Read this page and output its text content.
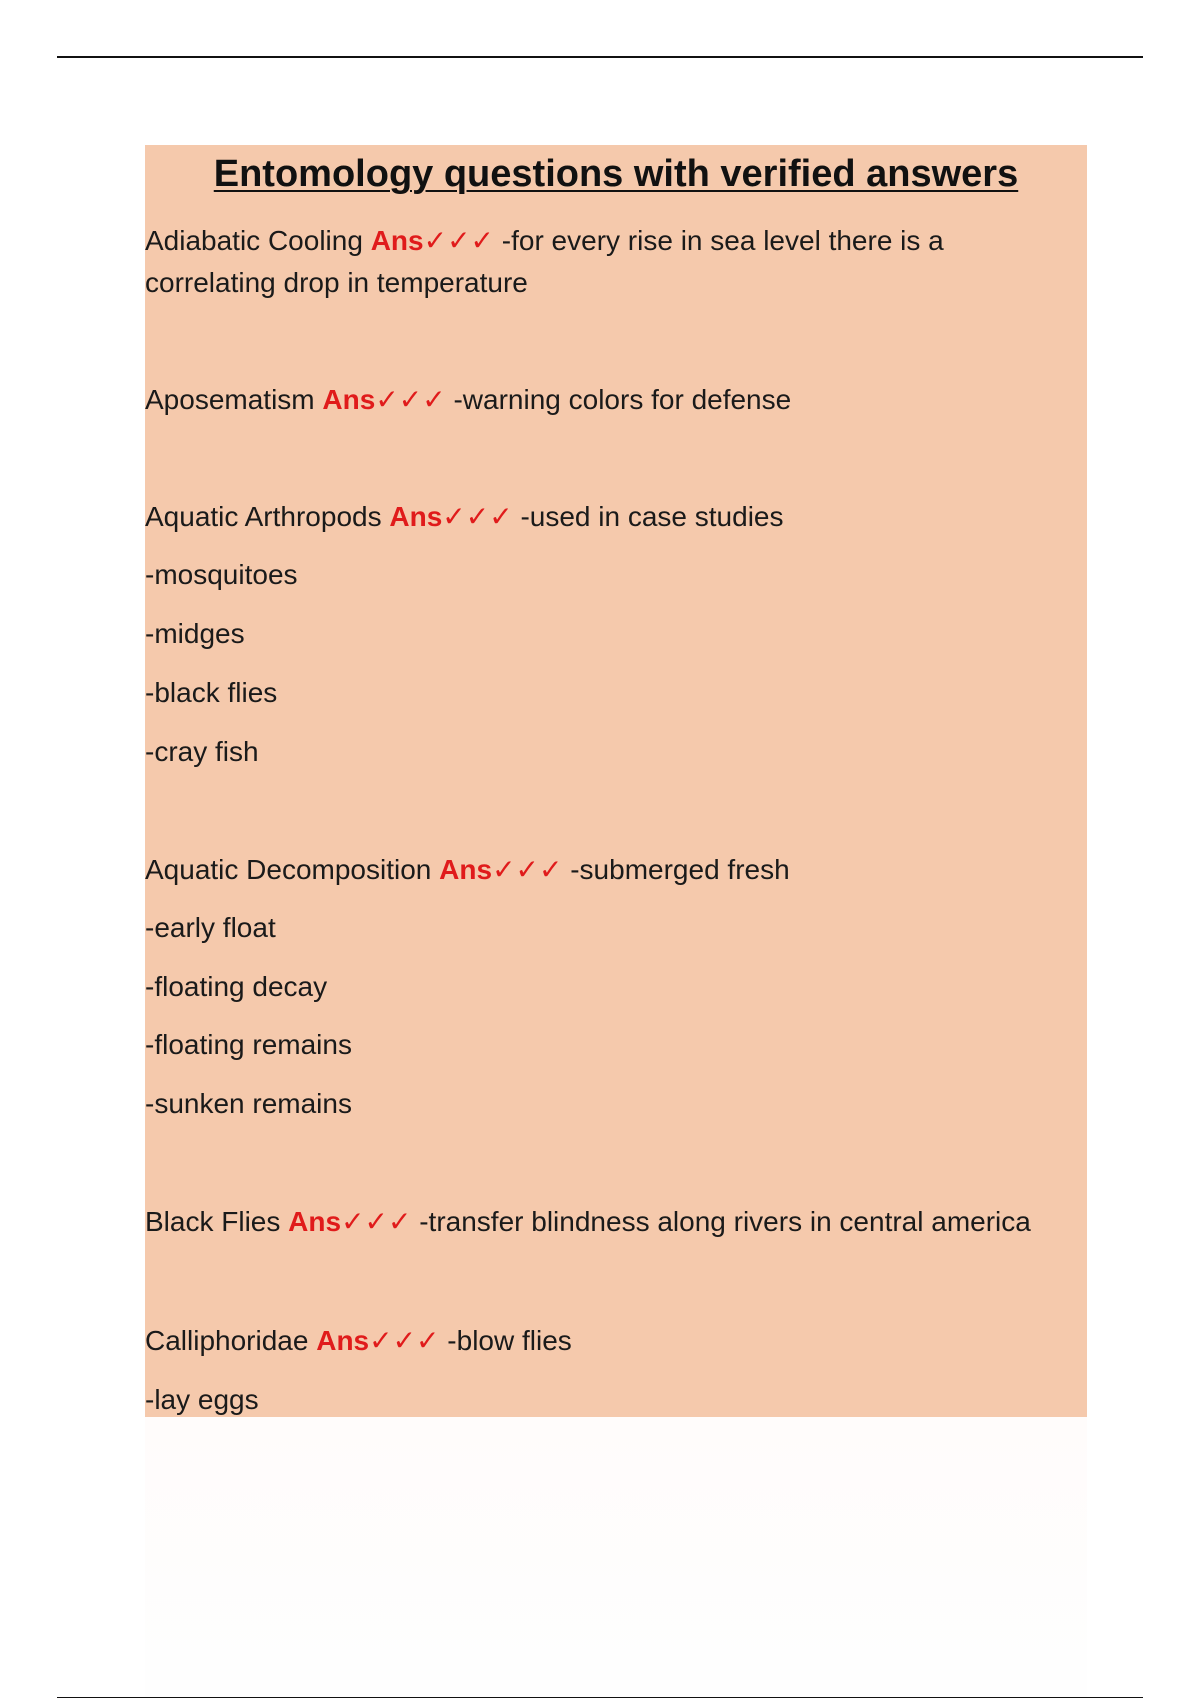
Entomology questions with verified answers
Adiabatic Cooling Ans✓✓✓ -for every rise in sea level there is a
correlating drop in temperature
Aposematism Ans✓✓✓ -warning colors for defense
Aquatic Arthropods Ans✓✓✓ -used in case studies
-mosquitoes
-midges
-black flies
-cray fish
Aquatic Decomposition Ans✓✓✓ -submerged fresh
-early float
-floating decay
-floating remains
-sunken remains
Black Flies Ans✓✓✓ -transfer blindness along rivers in central america
Calliphoridae Ans✓✓✓ -blow flies
-lay eggs
